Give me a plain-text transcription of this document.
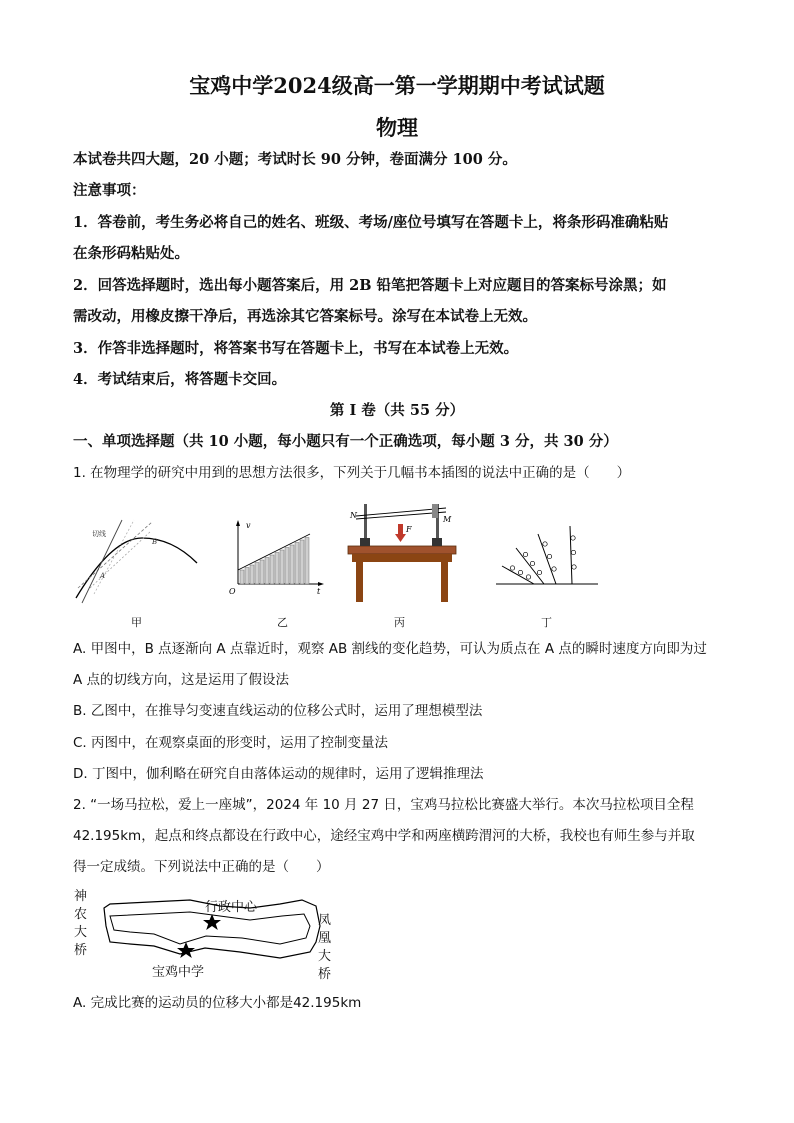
宝鸡中学2024级高一第一学期期中考试试题
物理
本试卷共四大题，20 小题；考试时长 90 分钟，卷面满分 100 分。
注意事项：
1．答卷前，考生务必将自己的姓名、班级、考场/座位号填写在答题卡上，将条形码准确粘贴
在条形码粘贴处。
2．回答选择题时，选出每小题答案后，用 2B 铅笔把答题卡上对应题目的答案标号涂黑；如
需改动，用橡皮擦干净后，再选涂其它答案标号。涂写在本试卷上无效。
3．作答非选择题时，将答案书写在答题卡上，书写在本试卷上无效。
4．考试结束后，将答题卡交回。
第 I 卷（共 55 分）
一、单项选择题（共 10 小题，每小题只有一个正确选项，每小题 3 分，共 30 分）
1. 在物理学的研究中用到的思想方法很多，下列关于几幅书本插图的说法中正确的是（　　）
切线
B
A
v
O	t
N	M
F
甲	乙	丙	丁
A. 甲图中，B 点逐渐向 A 点靠近时，观察 AB 割线的变化趋势，可认为质点在 A 点的瞬时速度方向即为过
A 点的切线方向，这是运用了假设法
B. 乙图中，在推导匀变速直线运动的位移公式时，运用了理想模型法
C. 丙图中，在观察桌面的形变时，运用了控制变量法
D. 丁图中，伽利略在研究自由落体运动的规律时，运用了逻辑推理法
2. “一场马拉松，爱上一座城”，2024 年 10 月 27 日，宝鸡马拉松比赛盛大举行。本次马拉松项目全程
42.195km，起点和终点都设在行政中心，途经宝鸡中学和两座横跨渭河的大桥，我校也有师生参与并取
得一定成绩。下列说法中正确的是（　　）
神
农
大
桥
凤
凰
大
桥
行政中心
宝鸡中学
A. 完成比赛的运动员的位移大小都是42.195km
